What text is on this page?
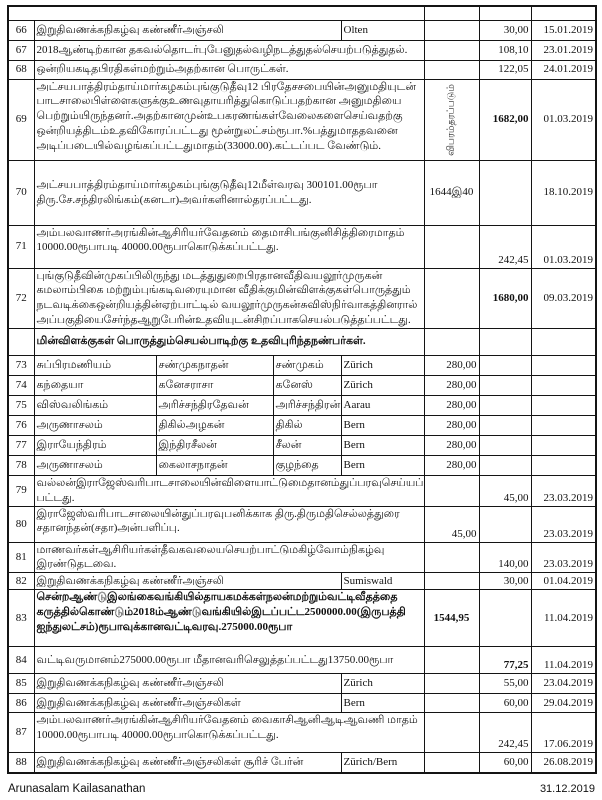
66	இறுதிவணக்கநிகழ்வு கண்ணீர்அஞ்சலி			Olten		30,00	15.01.2019
67	2018ஆண்டிற்கான தகவல்தொடர்புபேனுதல்வழிநடத்துதல்செயற்படுத்துதல்.					108,10	23.01.2019
68	ஒன்றியகடிதபிரதிகள்மற்றும்அதற்கான பொருட்கள்.					122,05	24.01.2019
69	அட்சயபாத்திரம்தாய்மார்கழகம்புங்குடுதீவு12 பிரதேசசபையின்அனுமதியுடன் பாடசாலைபிள்ளைகளுக்குஉணவுதாயரித்துகொடுப்பதற்கான அனுமதியை பெற்றும்யிருந்தனர்.அதற்கானமுன்உபகரணங்கள்வேலைகளைசெய்வதற்கு ஒன்றியத்திடம்உதவிகோரப்பட்டது மூன்றுலட்சம்ரூபா.%பத்துமாததவனை அடிப்படையில்வழங்கப்பட்டதுமாதம்(33000.00).கட்டப்பட வேண்டும்.				விபரம்தரப்படும்	1682,00	01.03.2019
70	அட்சயபாத்திரம்தாய்மார்கழகம்புங்குடுதீவு12மீள்வரவு 300101.00ரூபா திரு.சே.சந்திரலிங்கம்(கனடா)அவர்களினால்தரப்பட்டது.				1644இ40		18.10.2019
71	அம்பலவாணர்அரங்கின்ஆசிரியர்வேதனம் தைமாசிபங்குனிசித்திரைமாதம் 10000.00ரூபாபடி 40000.00ரூபாகொடுக்கப்பட்டது.					242,45	01.03.2019
72	புங்குடுதீவின்முகப்பிலிருந்து மடத்துதுறைபிரதானவீதிவயலூர்முருகன் கமலாம்பிகை மற்றும்புங்கடிவரையுமான வீதிக்குமின்விளக்குகள்பொருத்தும் நடவடிக்கைஒன்றியத்தின்ஏற்பாட்டில் வயலூர்முருகன்சுவிஸ்நிர்வாகத்தினரால் அப்பகுதியைசேர்ந்தஆறுபேரின்உதவியுடன்சிறப்பாகசெயல்படுத்தப்பட்டது.					1680,00	09.03.2019
	மின்விளக்குகள் பொருத்தும்செயல்பாடிற்கு உதவிபுரிந்தநண்பர்கள்.						
73	சுப்பிரமணியம்	சண்முகநாதன்	சண்முகம்	Zürich	280,00		
74	கந்தையா	கனேசராசா	கனேஸ்	Zürich	280,00		
75	விஸ்வலிங்கம்	அரிச்சந்திரதேவன்	அரிச்சந்திரன்	Aarau	280,00		
76	அருணாசலம்	திகில்அழகன்	திகில்	Bern	280,00		
77	இராயேந்திரம்	இந்திரசீலன்	சீலன்	Bern	280,00		
78	அருணாசலம்	கைலாசநாதன்	குழந்தை	Bern	280,00		
79	வல்லன்இராஜேஸ்வரிபாடசாலையின்விளையாட்டுமைதானம்துப்பரவுசெய்யப் பட்டது.					45,00	23.03.2019
80	இராஜேஸ்வரிபாடசாலையின்துப்பரவுபனிக்காக திரு.திருமதிசெல்லத்துரை சதானந்தன்(சதா)அன்பளிப்பு.				45,00		23.03.2019
81	மாணவர்கள்ஆசிரியர்கள்தீவகவலையசெயற்பாட்டுமகிழ்வோம்நிகழ்வு இரண்டுதடவை.					140,00	23.03.2019
82	இறுதிவணக்கநிகழ்வு கண்ணீர்அஞ்சலி			Sumiswald		30,00	01.04.2019
83	சென்றஆண்டுஇலங்கைவங்கியில்தாயகமக்கள்நலன்மற்றும்வட்டிவீதத்தை கருத்தில்கொண்டும்2018ம்ஆண்டுவங்கியில்இடப்பட்ட2500000.00(இருபத்தி ஐந்துலட்சம்)ரூபாவுக்கானவட்டிவரவு.275000.00ரூபா				1544,95		11.04.2019
84	வட்டிவருமானம்275000.00ரூபா மீதானவரிசெலுத்தப்பட்டது13750.00ரூபா					77,25	11.04.2019
85	இறுதிவணக்கநிகழ்வு கண்ணீர்அஞ்சலி			Zürich		55,00	23.04.2019
86	இறுதிவணக்கநிகழ்வு கண்ணீர்அஞ்சலிகள்			Bern		60,00	29.04.2019
87	அம்பலவாணர்அரங்கின்ஆசிரியர்வேதனம் வைகாசிஆனிஆடிஆவணி மாதம் 10000.00ரூபாபடி 40000.00ரூபாகொடுக்கப்பட்டது.					242,45	17.06.2019
88	இறுதிவணக்கநிகழ்வு கண்ணீர்அஞ்சலிகள் சூரிச் பேர்ன்			Zürich/Bern		60,00	26.08.2019
Arunasalam Kailasanathan	31.12.2019
